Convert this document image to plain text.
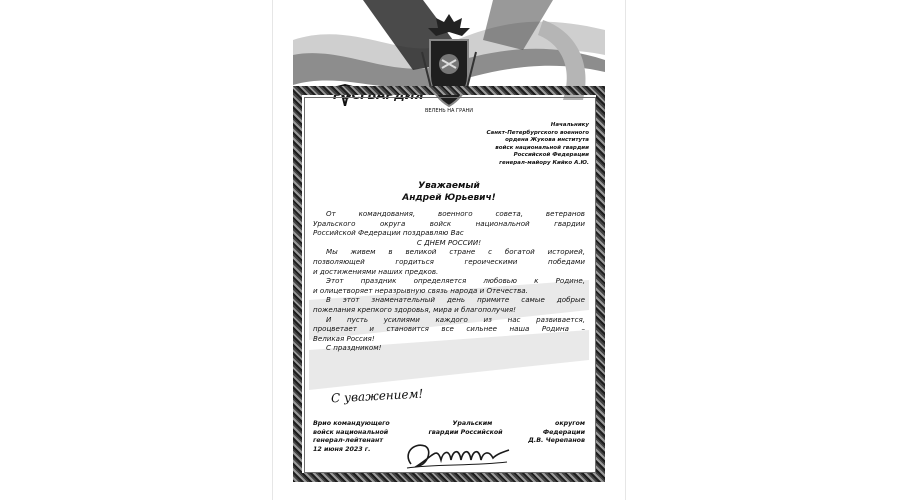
ВЕЛЕНЬ НА ГРАНИ
РОСГВАРДИЯ
Начальнику
Санкт-Петербургского военного
ордена Жукова института
войск национальной гвардии
Российской Федерации
генерал-майору Кийко А.Ю.
Уважаемый
Андрей Юрьевич!
От командования, военного совета, ветеранов
Уральского округа войск национальной гвардии
Российской Федерации поздравляю Вас
С ДНЕМ РОССИИ!
Мы живем в великой стране с богатой историей,
позволяющей гордиться героическими победами
и достижениями наших предков.
Этот праздник определяется любовью к Родине,
и олицетворяет неразрывную связь народа и Отечества.
В этот знаменательный день примите самые добрые
пожелания крепкого здоровья, мира и благополучия!
И пусть усилиями каждого из нас развивается,
процветает и становится все сильнее наша Родина –
Великая Россия!
С праздником!
С уважением!
Врио командующего	Уральским	округом
войск национальной	гвардии Российской	Федерации
генерал-лейтенант	Д.В. Черепанов
12 июня 2023 г.
